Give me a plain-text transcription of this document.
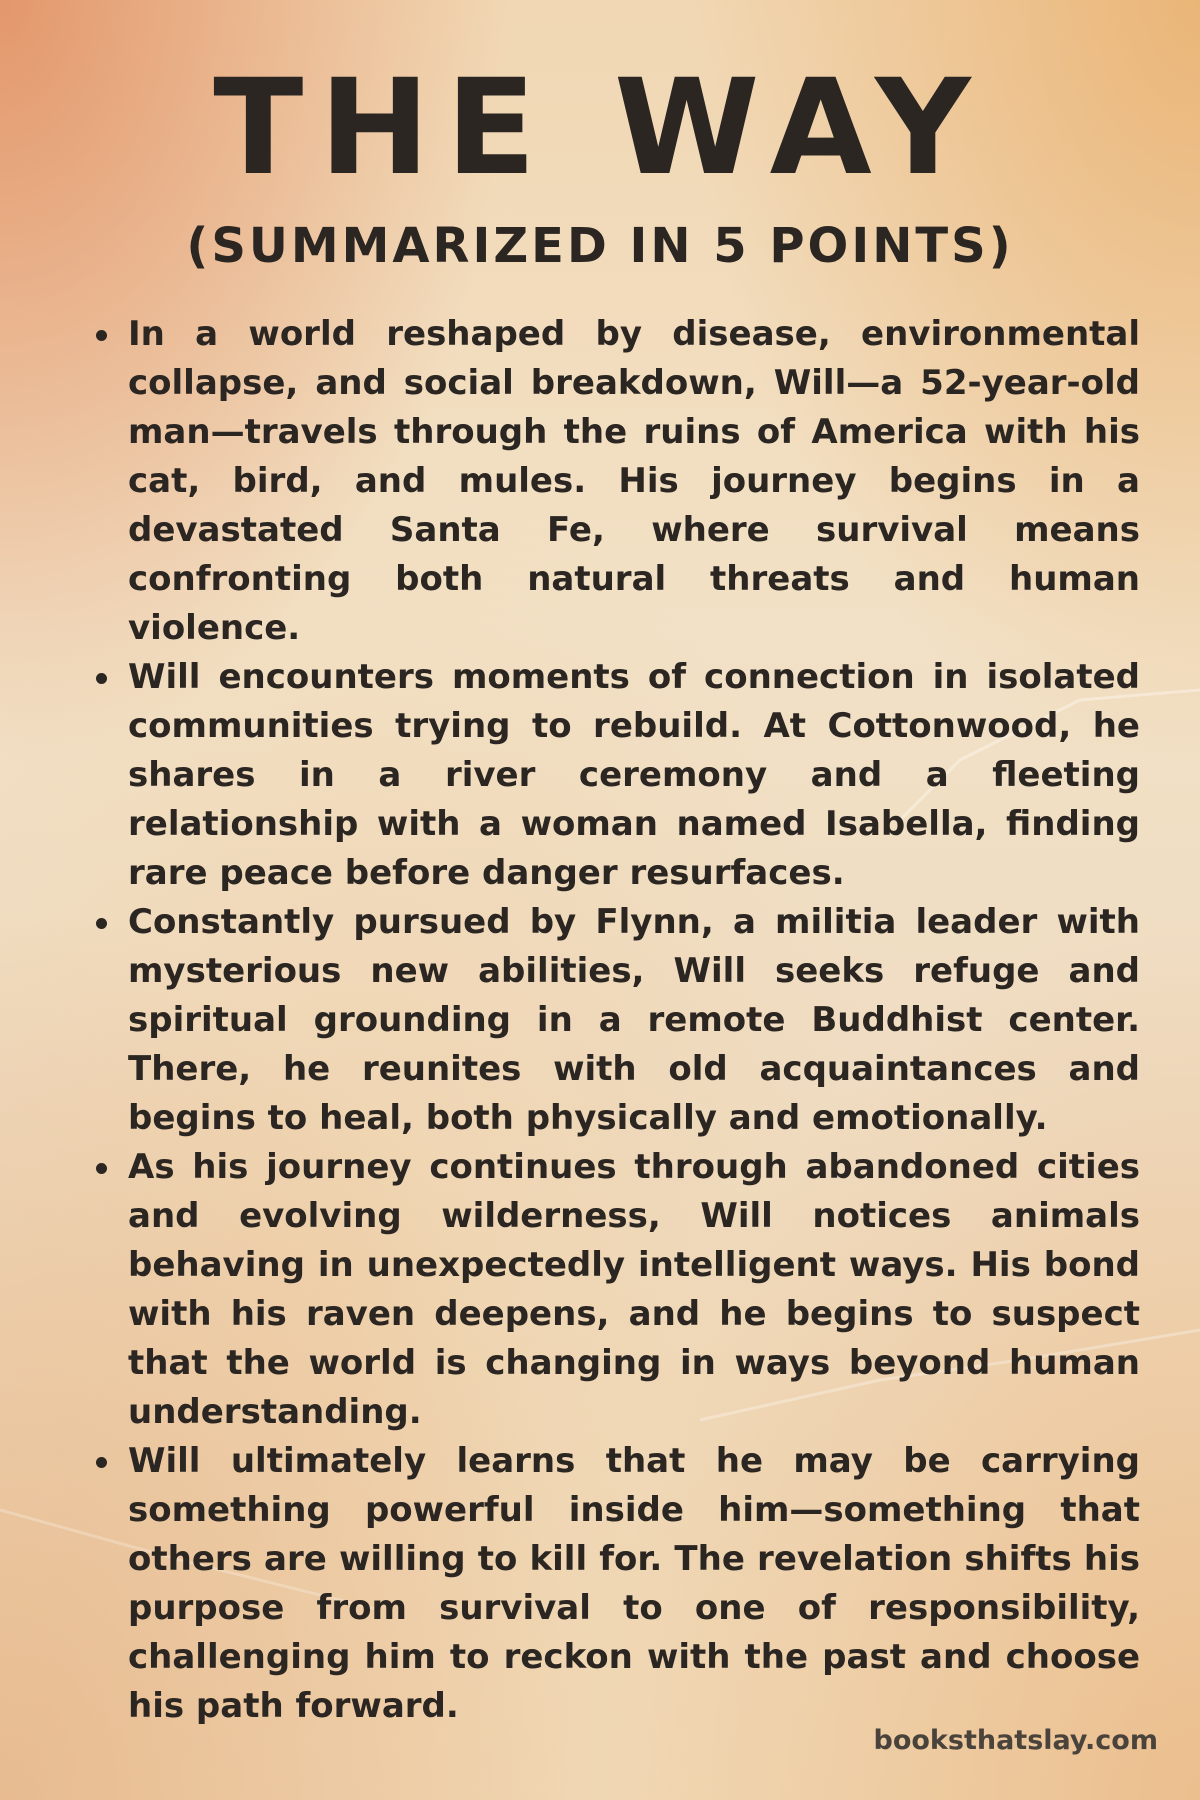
THE WAY
(SUMMARIZED IN 5 POINTS)
In a world reshaped by disease, environmental collapse, and social breakdown, Will—a 52-year-old man—travels through the ruins of America with his cat, bird, and mules. His journey begins in a devastated Santa Fe, where survival means confronting both natural threats and human violence.
Will encounters moments of connection in isolated communities trying to rebuild. At Cottonwood, he shares in a river ceremony and a fleeting relationship with a woman named Isabella, finding rare peace before danger resurfaces.
Constantly pursued by Flynn, a militia leader with mysterious new abilities, Will seeks refuge and spiritual grounding in a remote Buddhist center. There, he reunites with old acquaintances and begins to heal, both physically and emotionally.
As his journey continues through abandoned cities and evolving wilderness, Will notices animals behaving in unexpectedly intelligent ways. His bond with his raven deepens, and he begins to suspect that the world is changing in ways beyond human understanding.
Will ultimately learns that he may be carrying something powerful inside him—something that others are willing to kill for. The revelation shifts his purpose from survival to one of responsibility, challenging him to reckon with the past and choose his path forward.
booksthatslay.com
